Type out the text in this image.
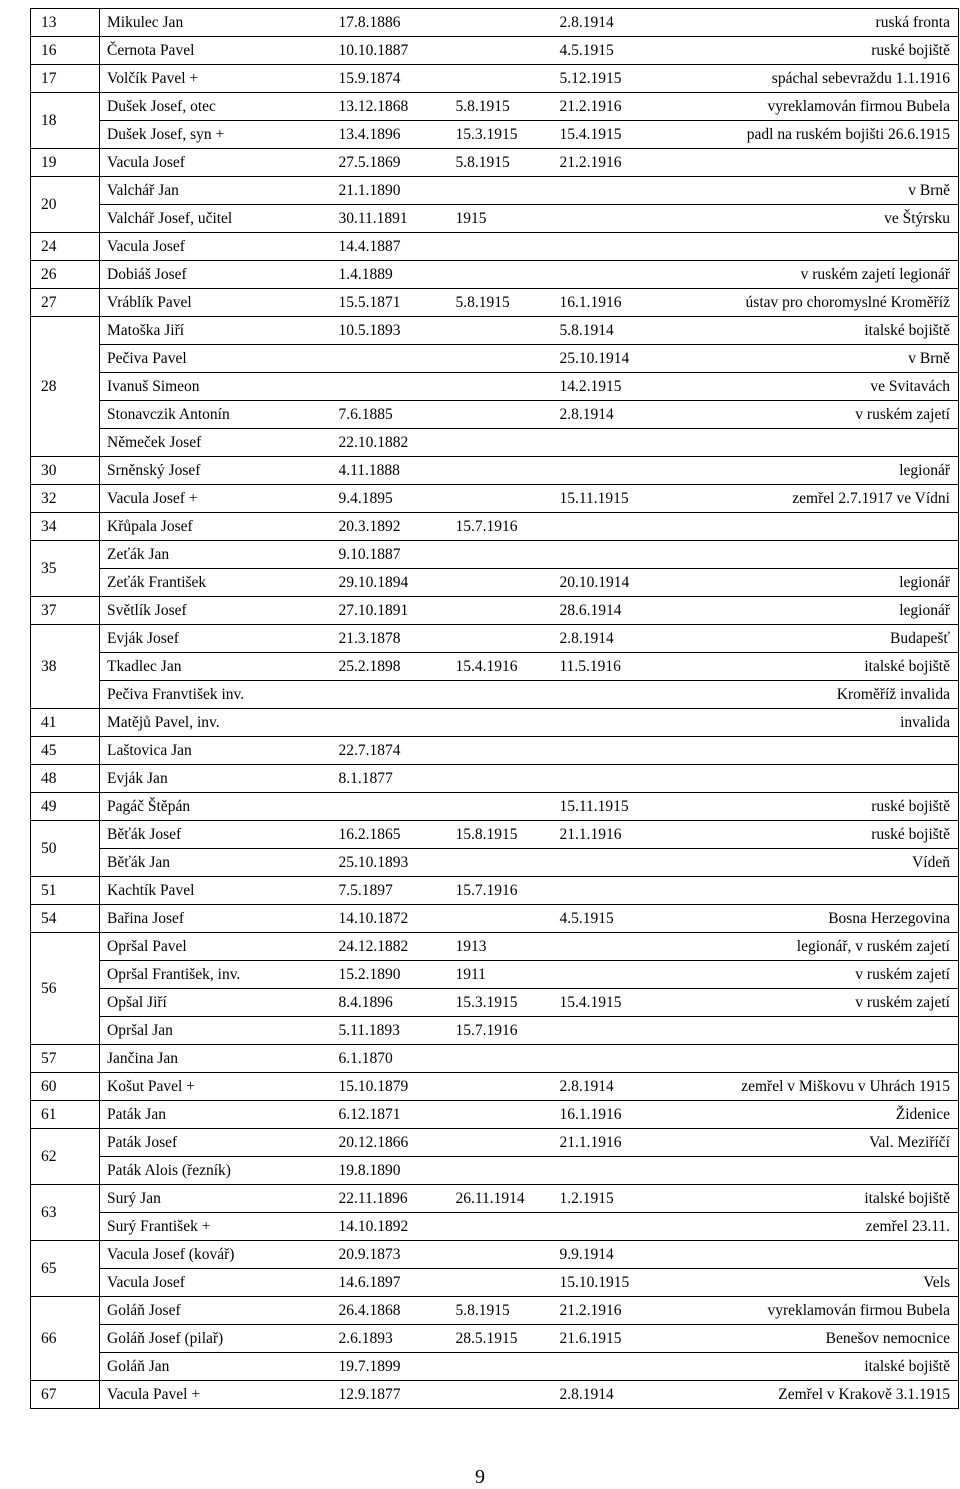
13	Mikulec Jan	17.8.1886		2.8.1914	ruská fronta
16	Černota Pavel	10.10.1887		4.5.1915	ruské bojiště
17	Volčík Pavel +	15.9.1874		5.12.1915	spáchal sebevraždu 1.1.1916
18	Dušek Josef, otec	13.12.1868	5.8.1915	21.2.1916	vyreklamován firmou Bubela
	Dušek Josef, syn +	13.4.1896	15.3.1915	15.4.1915	padl na ruském bojišti 26.6.1915
19	Vacula Josef	27.5.1869	5.8.1915	21.2.1916	
20	Valchář Jan	21.1.1890			v Brně
	Valchář Josef, učitel	30.11.1891	1915		ve Štýrsku
24	Vacula Josef	14.4.1887			
26	Dobiáš Josef	1.4.1889			v ruském zajetí legionář
27	Vráblík Pavel	15.5.1871	5.8.1915	16.1.1916	ústav pro choromyslné Kroměříž
28	Matoška Jiří	10.5.1893		5.8.1914	italské bojiště
	Pečiva Pavel			25.10.1914	v Brně
	Ivanuš Simeon			14.2.1915	ve Svitavách
	Stonavczik Antonín	7.6.1885		2.8.1914	v ruském zajetí
	Němeček Josef	22.10.1882			
30	Srněnský Josef	4.11.1888			legionář
32	Vacula Josef +	9.4.1895		15.11.1915	zemřel 2.7.1917 ve Vídni
34	Křůpala Josef	20.3.1892	15.7.1916		
35	Zeťák Jan	9.10.1887			
	Zeťák František	29.10.1894		20.10.1914	legionář
37	Světlík Josef	27.10.1891		28.6.1914	legionář
38	Evják Josef	21.3.1878		2.8.1914	Budapešť
	Tkadlec Jan	25.2.1898	15.4.1916	11.5.1916	italské bojiště
	Pečiva Franvtišek inv.				Kroměříž invalida
41	Matějů Pavel, inv.				invalida
45	Laštovica Jan	22.7.1874			
48	Evják Jan	8.1.1877			
49	Pagáč Štěpán			15.11.1915	ruské bojiště
50	Běťák Josef	16.2.1865	15.8.1915	21.1.1916	ruské bojiště
	Běťák Jan	25.10.1893			Vídeň
51	Kachtík Pavel	7.5.1897	15.7.1916		
54	Bařina Josef	14.10.1872		4.5.1915	Bosna Herzegovina
56	Opršal Pavel	24.12.1882	1913		legionář, v ruském zajetí
	Opršal František, inv.	15.2.1890	1911		v ruském zajetí
	Opšal Jiří	8.4.1896	15.3.1915	15.4.1915	v ruském zajetí
	Opršal Jan	5.11.1893	15.7.1916		
57	Jančina Jan	6.1.1870			
60	Košut Pavel +	15.10.1879		2.8.1914	zemřel v Miškovu v Uhrách 1915
61	Paták Jan	6.12.1871		16.1.1916	Židenice
62	Paták Josef	20.12.1866		21.1.1916	Val. Meziříčí
	Paták Alois (řezník)	19.8.1890			
63	Surý Jan	22.11.1896	26.11.1914	1.2.1915	italské bojiště
	Surý František +	14.10.1892			zemřel 23.11.
65	Vacula Josef (kovář)	20.9.1873		9.9.1914	
	Vacula Josef	14.6.1897		15.10.1915	Vels
66	Goláň Josef	26.4.1868	5.8.1915	21.2.1916	vyreklamován firmou Bubela
	Goláň Josef (pilař)	2.6.1893	28.5.1915	21.6.1915	Benešov nemocnice
	Goláň Jan	19.7.1899			italské bojiště
67	Vacula Pavel +	12.9.1877		2.8.1914	Zemřel v Krakově 3.1.1915
9
